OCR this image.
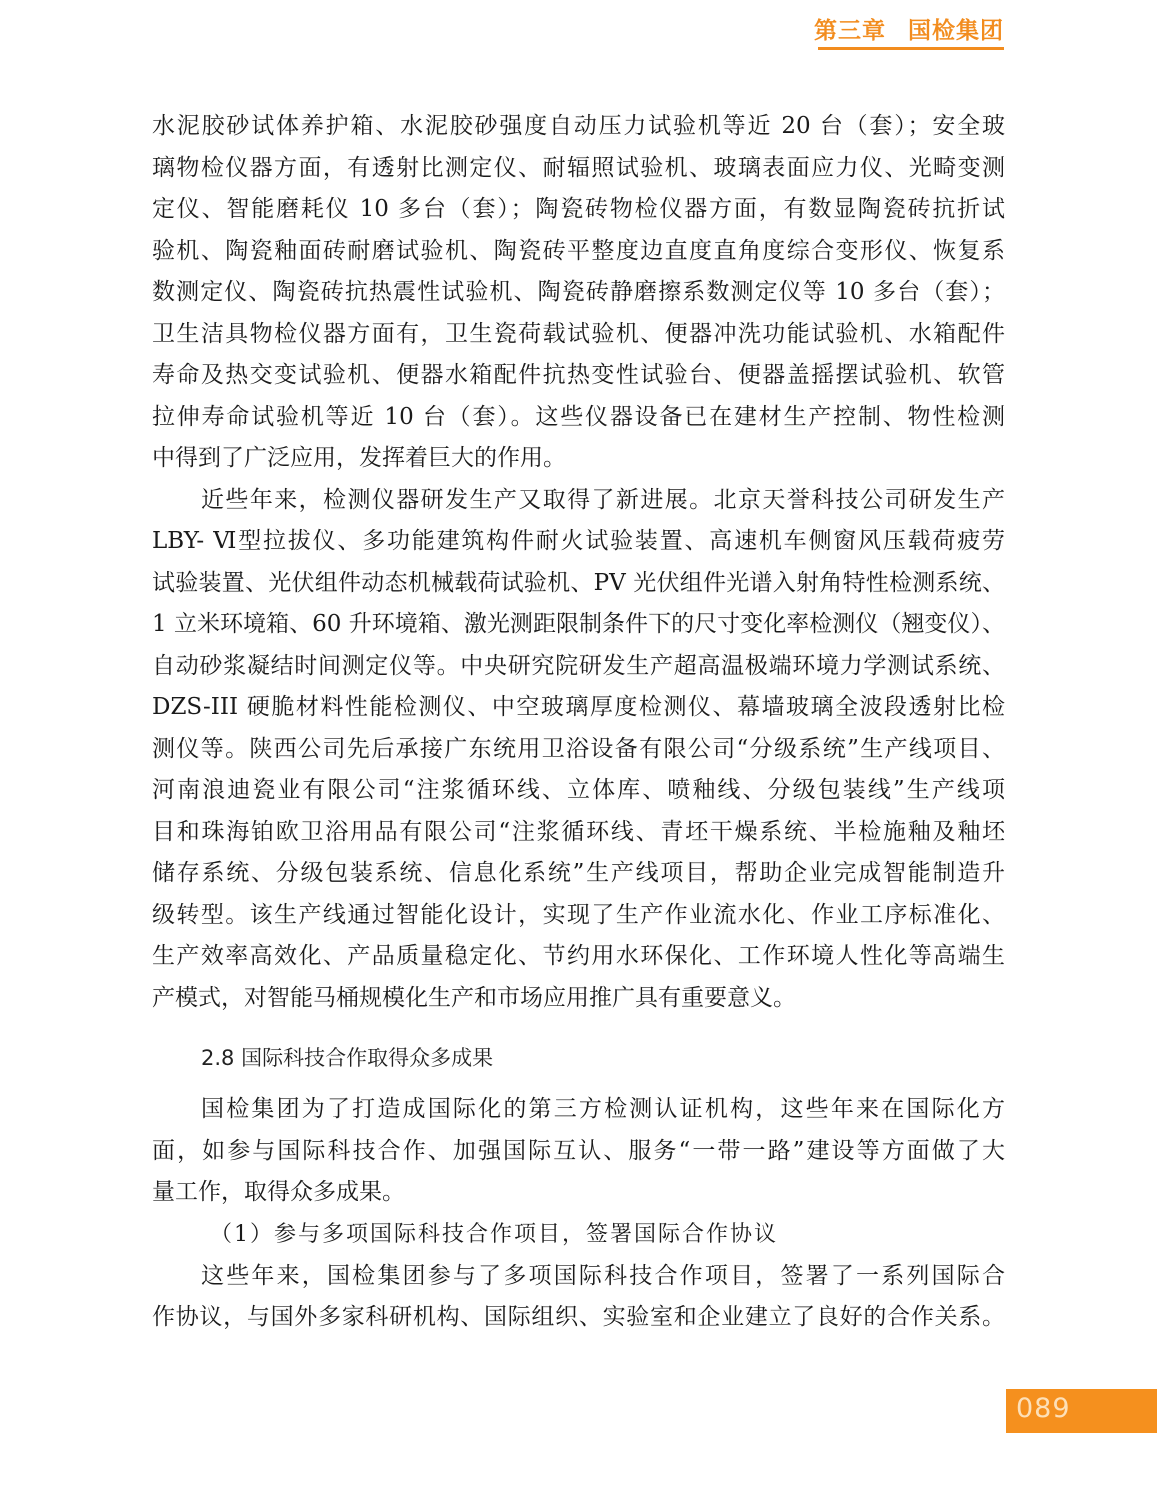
第三章 国检集团
水泥胶砂试体养护箱、水泥胶砂强度自动压力试验机等近 20 台（套）；安全玻
璃物检仪器方面，有透射比测定仪、耐辐照试验机、玻璃表面应力仪、光畸变测
定仪、智能磨耗仪 10 多台（套）；陶瓷砖物检仪器方面，有数显陶瓷砖抗折试
验机、陶瓷釉面砖耐磨试验机、陶瓷砖平整度边直度直角度综合变形仪、恢复系
数测定仪、陶瓷砖抗热震性试验机、陶瓷砖静磨擦系数测定仪等 10 多台（套）；
卫生洁具物检仪器方面有，卫生瓷荷载试验机、便器冲洗功能试验机、水箱配件
寿命及热交变试验机、便器水箱配件抗热变性试验台、便器盖摇摆试验机、软管
拉伸寿命试验机等近 10 台（套）。这些仪器设备已在建材生产控制、物性检测
中得到了广泛应用，发挥着巨大的作用。
近些年来，检测仪器研发生产又取得了新进展。北京天誉科技公司研发生产
LBY- Ⅵ型拉拔仪、多功能建筑构件耐火试验装置、高速机车侧窗风压载荷疲劳
试验装置、光伏组件动态机械载荷试验机、PV 光伏组件光谱入射角特性检测系统、
1 立米环境箱、60 升环境箱、激光测距限制条件下的尺寸变化率检测仪（翘变仪）、
自动砂浆凝结时间测定仪等。中央研究院研发生产超高温极端环境力学测试系统、
DZS-III 硬脆材料性能检测仪、中空玻璃厚度检测仪、幕墙玻璃全波段透射比检
测仪等。陕西公司先后承接广东统用卫浴设备有限公司“分级系统”生产线项目、
河南浪迪瓷业有限公司“注浆循环线、立体库、喷釉线、分级包装线”生产线项
目和珠海铂欧卫浴用品有限公司“注浆循环线、青坯干燥系统、半检施釉及釉坯
储存系统、分级包装系统、信息化系统”生产线项目，帮助企业完成智能制造升
级转型。该生产线通过智能化设计，实现了生产作业流水化、作业工序标准化、
生产效率高效化、产品质量稳定化、节约用水环保化、工作环境人性化等高端生
产模式，对智能马桶规模化生产和市场应用推广具有重要意义。
2.8 国际科技合作取得众多成果
国检集团为了打造成国际化的第三方检测认证机构，这些年来在国际化方
面，如参与国际科技合作、加强国际互认、服务“一带一路”建设等方面做了大
量工作，取得众多成果。
（1）参与多项国际科技合作项目，签署国际合作协议
这些年来，国检集团参与了多项国际科技合作项目，签署了一系列国际合
作协议，与国外多家科研机构、国际组织、实验室和企业建立了良好的合作关系。
089
